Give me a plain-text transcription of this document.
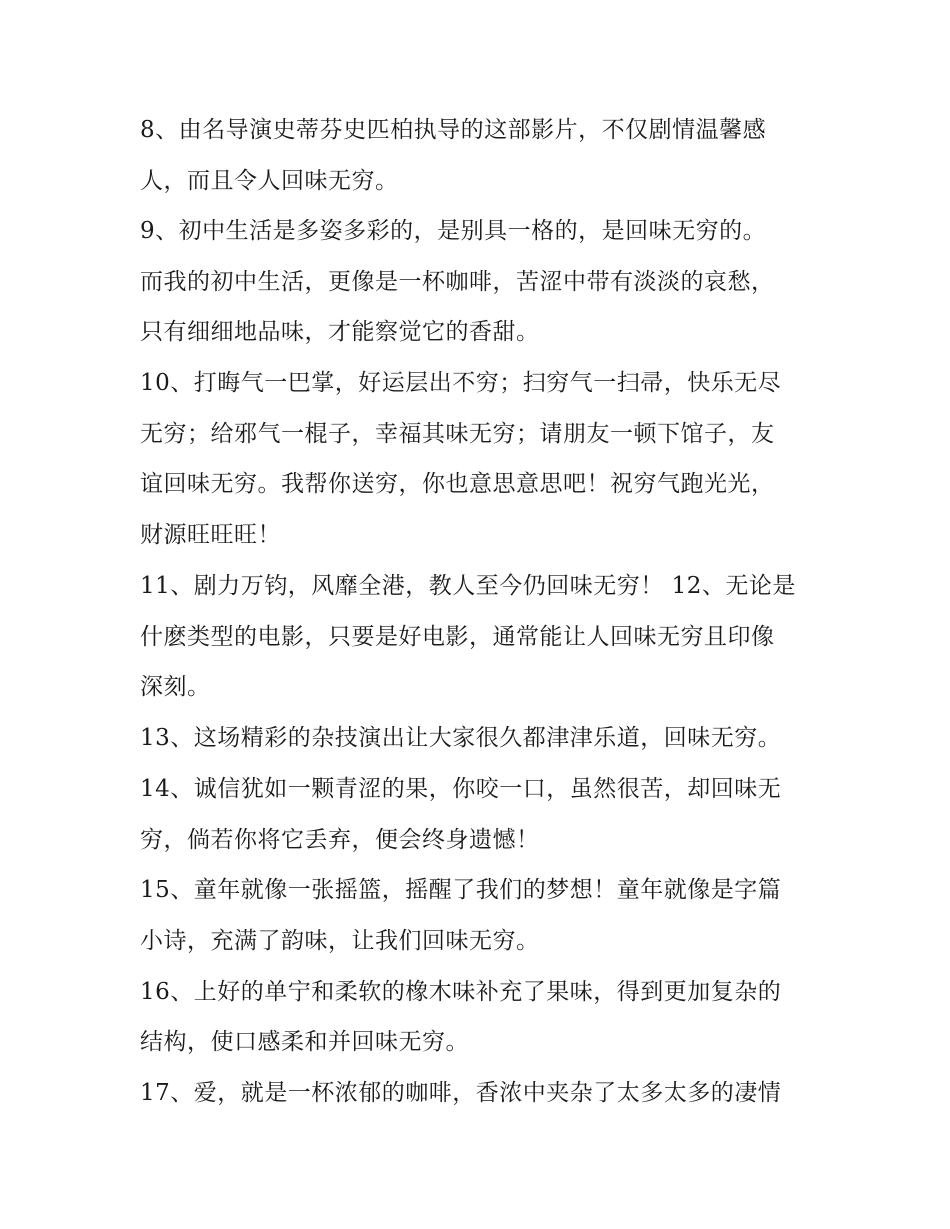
8、由名导演史蒂芬史匹柏执导的这部影片，不仅剧情温馨感
人，而且令人回味无穷。
9、初中生活是多姿多彩的，是别具一格的，是回味无穷的。
而我的初中生活，更像是一杯咖啡，苦涩中带有淡淡的哀愁，
只有细细地品味，才能察觉它的香甜。
10、打晦气一巴掌，好运层出不穷；扫穷气一扫帚，快乐无尽
无穷；给邪气一棍子，幸福其味无穷；请朋友一顿下馆子，友
谊回味无穷。我帮你送穷，你也意思意思吧！祝穷气跑光光，
财源旺旺旺！
11、剧力万钧，风靡全港，教人至今仍回味无穷！ 12、无论是
什麽类型的电影，只要是好电影，通常能让人回味无穷且印像
深刻。
13、这场精彩的杂技演出让大家很久都津津乐道，回味无穷。
14、诚信犹如一颗青涩的果，你咬一口，虽然很苦，却回味无
穷，倘若你将它丢弃，便会终身遗憾！
15、童年就像一张摇篮，摇醒了我们的梦想！童年就像是字篇
小诗，充满了韵味，让我们回味无穷。
16、上好的单宁和柔软的橡木味补充了果味，得到更加复杂的
结构，使口感柔和并回味无穷。
17、爱，就是一杯浓郁的咖啡，香浓中夹杂了太多太多的凄情
